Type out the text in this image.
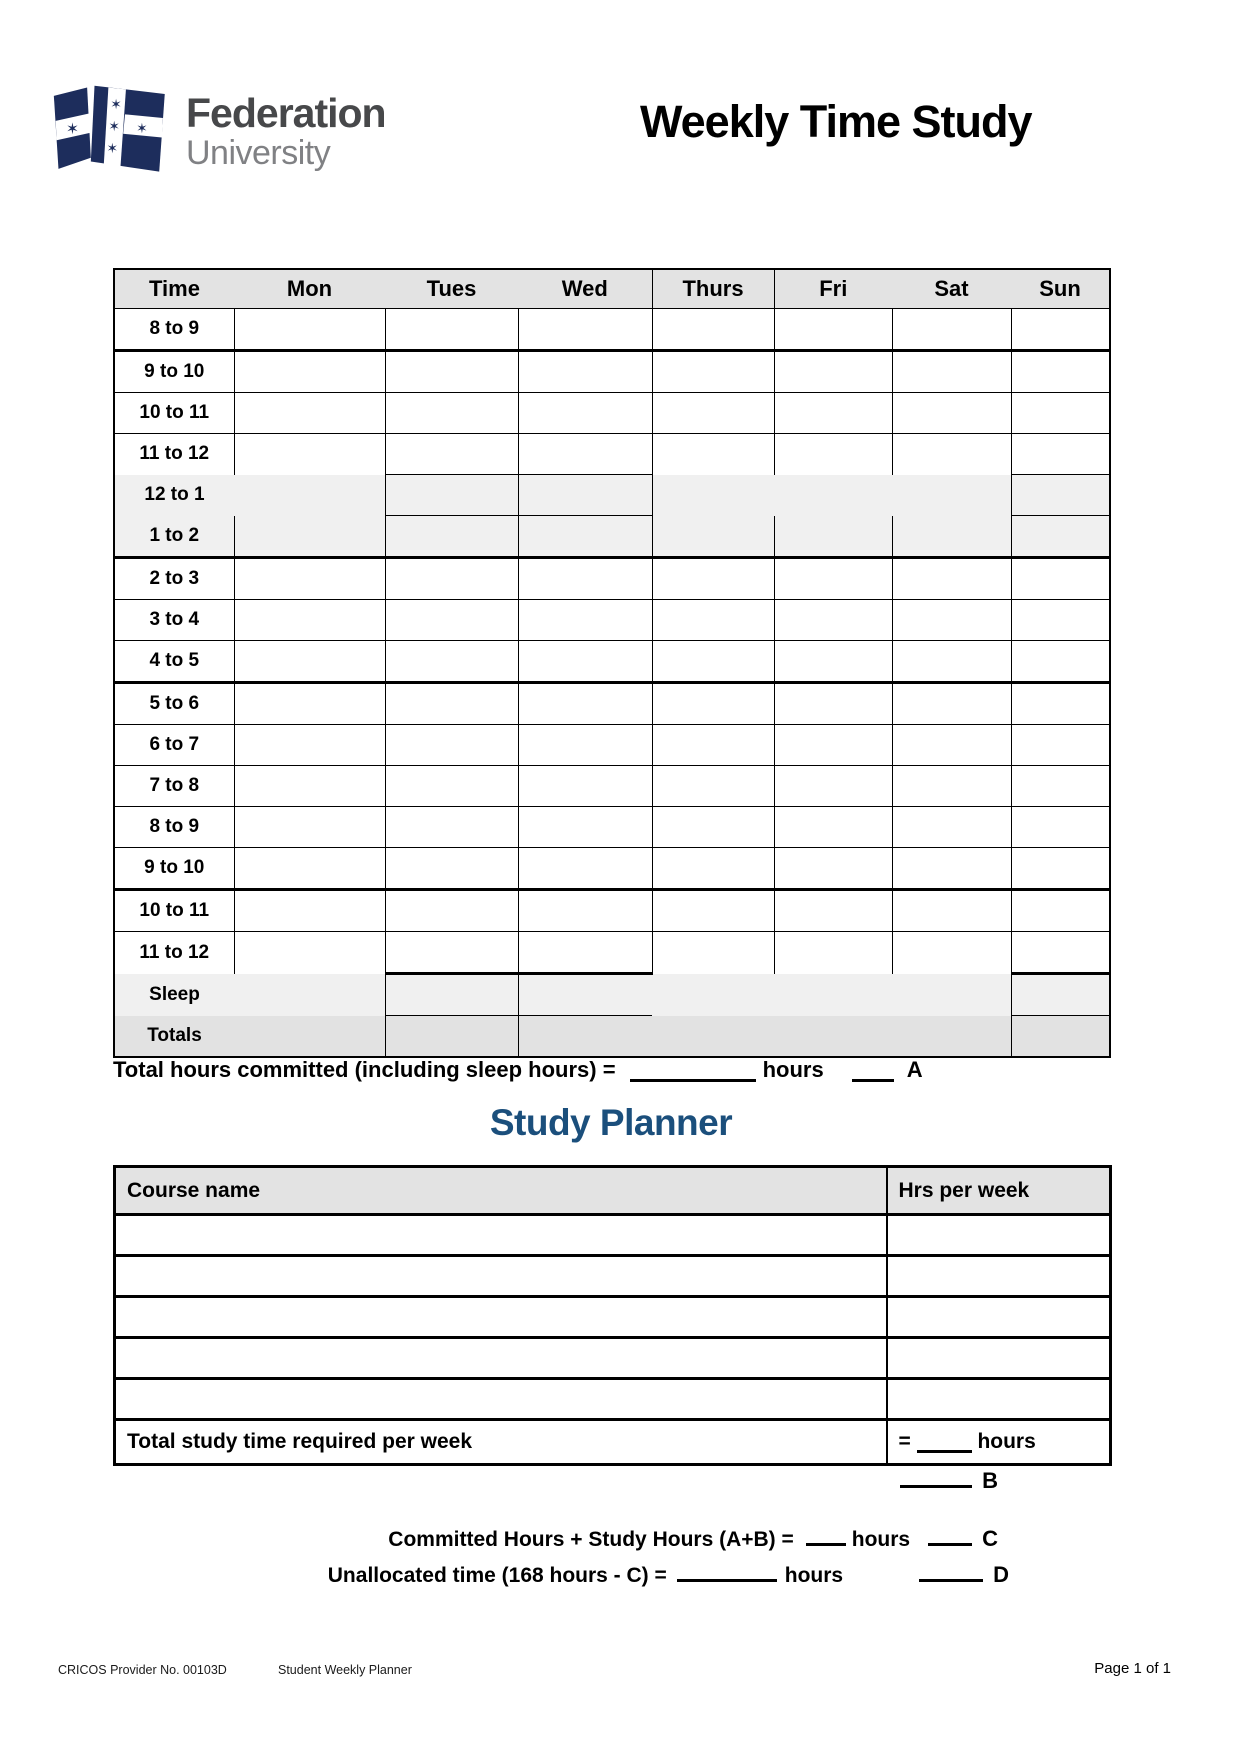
✶
✶
✶
✶
✶ Federation
University
Weekly Time Study
Time	Mon	Tues	Wed	Thurs	Fri	Sat	Sun
8 to 9							
9 to 10							
10 to 11							
11 to 12							
12 to 1							
1 to 2							
2 to 3							
3 to 4							
4 to 5							
5 to 6							
6 to 7							
7 to 8							
8 to 9							
9 to 10							
10 to 11							
11 to 12							
Sleep							
Totals							
Total hours committed (including sleep hours) =	hours	A
Study Planner
Course name	Hrs per week

Total study time required per week	= hours
B
Committed Hours + Study Hours (A+B) =	hours	C
Unallocated time (168 hours - C) =	hours	D
CRICOS Provider No. 00103D	Student Weekly Planner	Page 1 of 1
